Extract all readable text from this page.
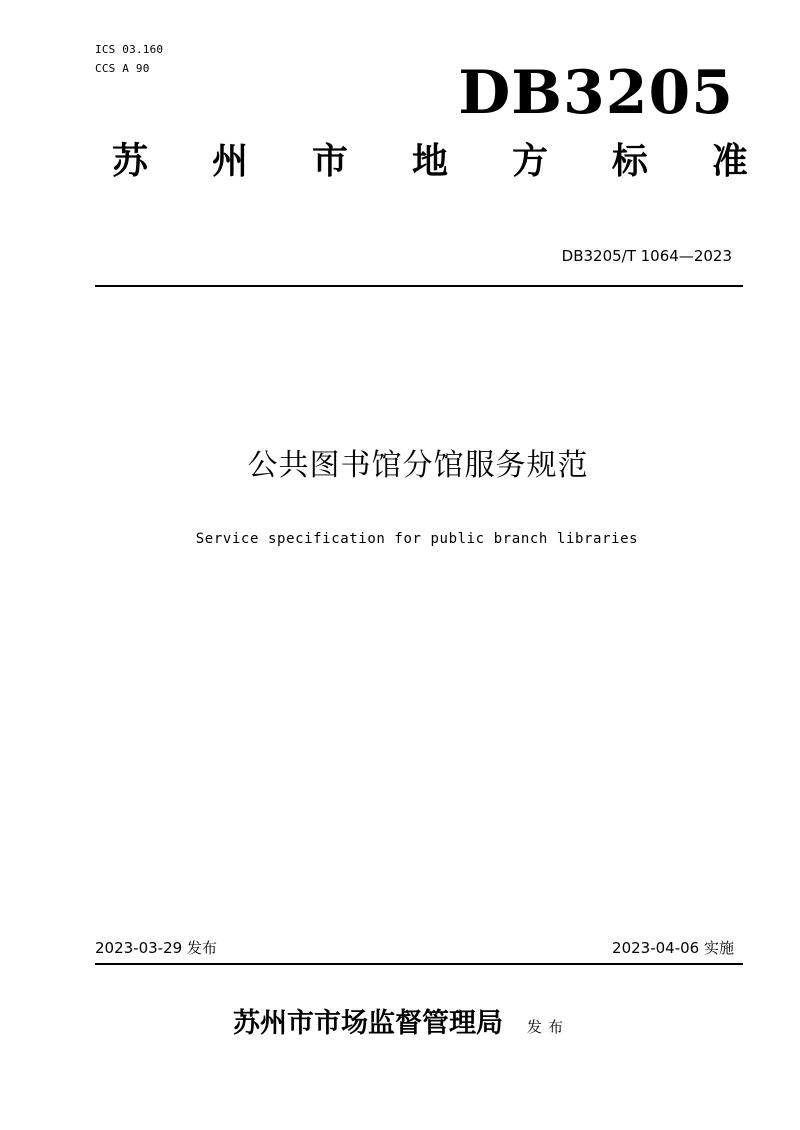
ICS 03.160
CCS A 90	DB3205
苏 州 市 地 方 标 准
DB3205/T 1064—2023
公共图书馆分馆服务规范
Service specification for public branch libraries
2023-03-29 发布	2023-04-06 实施
苏州市市场监督管理局 发布
